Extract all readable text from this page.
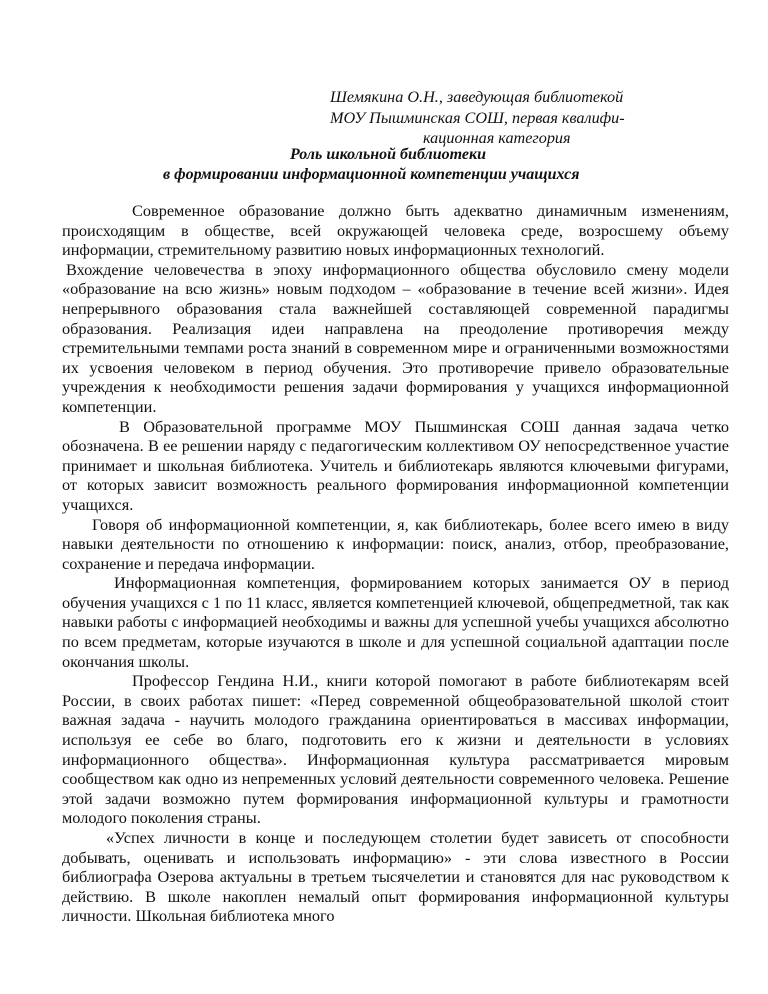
Шемякина О.Н., заведующая библиотекой
МОУ Пышминская СОШ, первая квалифи-
кационная категория
Роль школьной библиотеки
в формировании информационной компетенции учащихся

Современное образование должно быть адекватно динамичным изменениям, происходящим в обществе, всей окружающей человека среде, возросшему объему информации, стремительному развитию новых информационных технологий.

Вхождение человечества в эпоху информационного общества обусловило смену модели «образование на всю жизнь» новым подходом – «образование в течение всей жизни». Идея непрерывного образования стала важнейшей составляющей современной парадигмы образования. Реализация идеи направлена на преодоление противоречия между стремительными темпами роста знаний в современном мире и ограниченными возможностями их усвоения человеком в период обучения. Это противоречие привело образовательные учреждения к необходимости решения задачи формирования у учащихся информационной компетенции.

В Образовательной программе МОУ Пышминская СОШ данная задача четко обозначена. В ее решении наряду с педагогическим коллективом ОУ непосредственное участие принимает и школьная библиотека. Учитель и библиотекарь являются ключевыми фигурами, от которых зависит возможность реального формирования информационной компетенции учащихся.

Говоря об информационной компетенции, я, как библиотекарь, более всего имею в виду навыки деятельности по отношению к информации: поиск, анализ, отбор, преобразование, сохранение и передача информации.

Информационная компетенция, формированием которых занимается ОУ в период обучения учащихся с 1 по 11 класс, является компетенцией ключевой, общепредметной, так как навыки работы с информацией необходимы и важны для успешной учебы учащихся абсолютно по всем предметам, которые изучаются в школе и для успешной социальной адаптации после окончания школы.

Профессор Гендина Н.И., книги которой помогают в работе библиотекарям всей России, в своих работах пишет: «Перед современной общеобразовательной школой стоит важная задача - научить молодого гражданина ориентироваться в массивах информации, используя ее себе во благо, подготовить его к жизни и деятельности в условиях информационного общества». Информационная культура рассматривается мировым сообществом как одно из непременных условий деятельности современного человека. Решение этой задачи возможно путем формирования информационной культуры и грамотности молодого поколения страны.

«Успех личности в конце и последующем столетии будет зависеть от способности добывать, оценивать и использовать информацию» - эти слова известного в России библиографа Озерова актуальны в третьем тысячелетии и становятся для нас руководством к действию. В школе накоплен немалый опыт формирования информационной культуры личности. Школьная библиотека много
